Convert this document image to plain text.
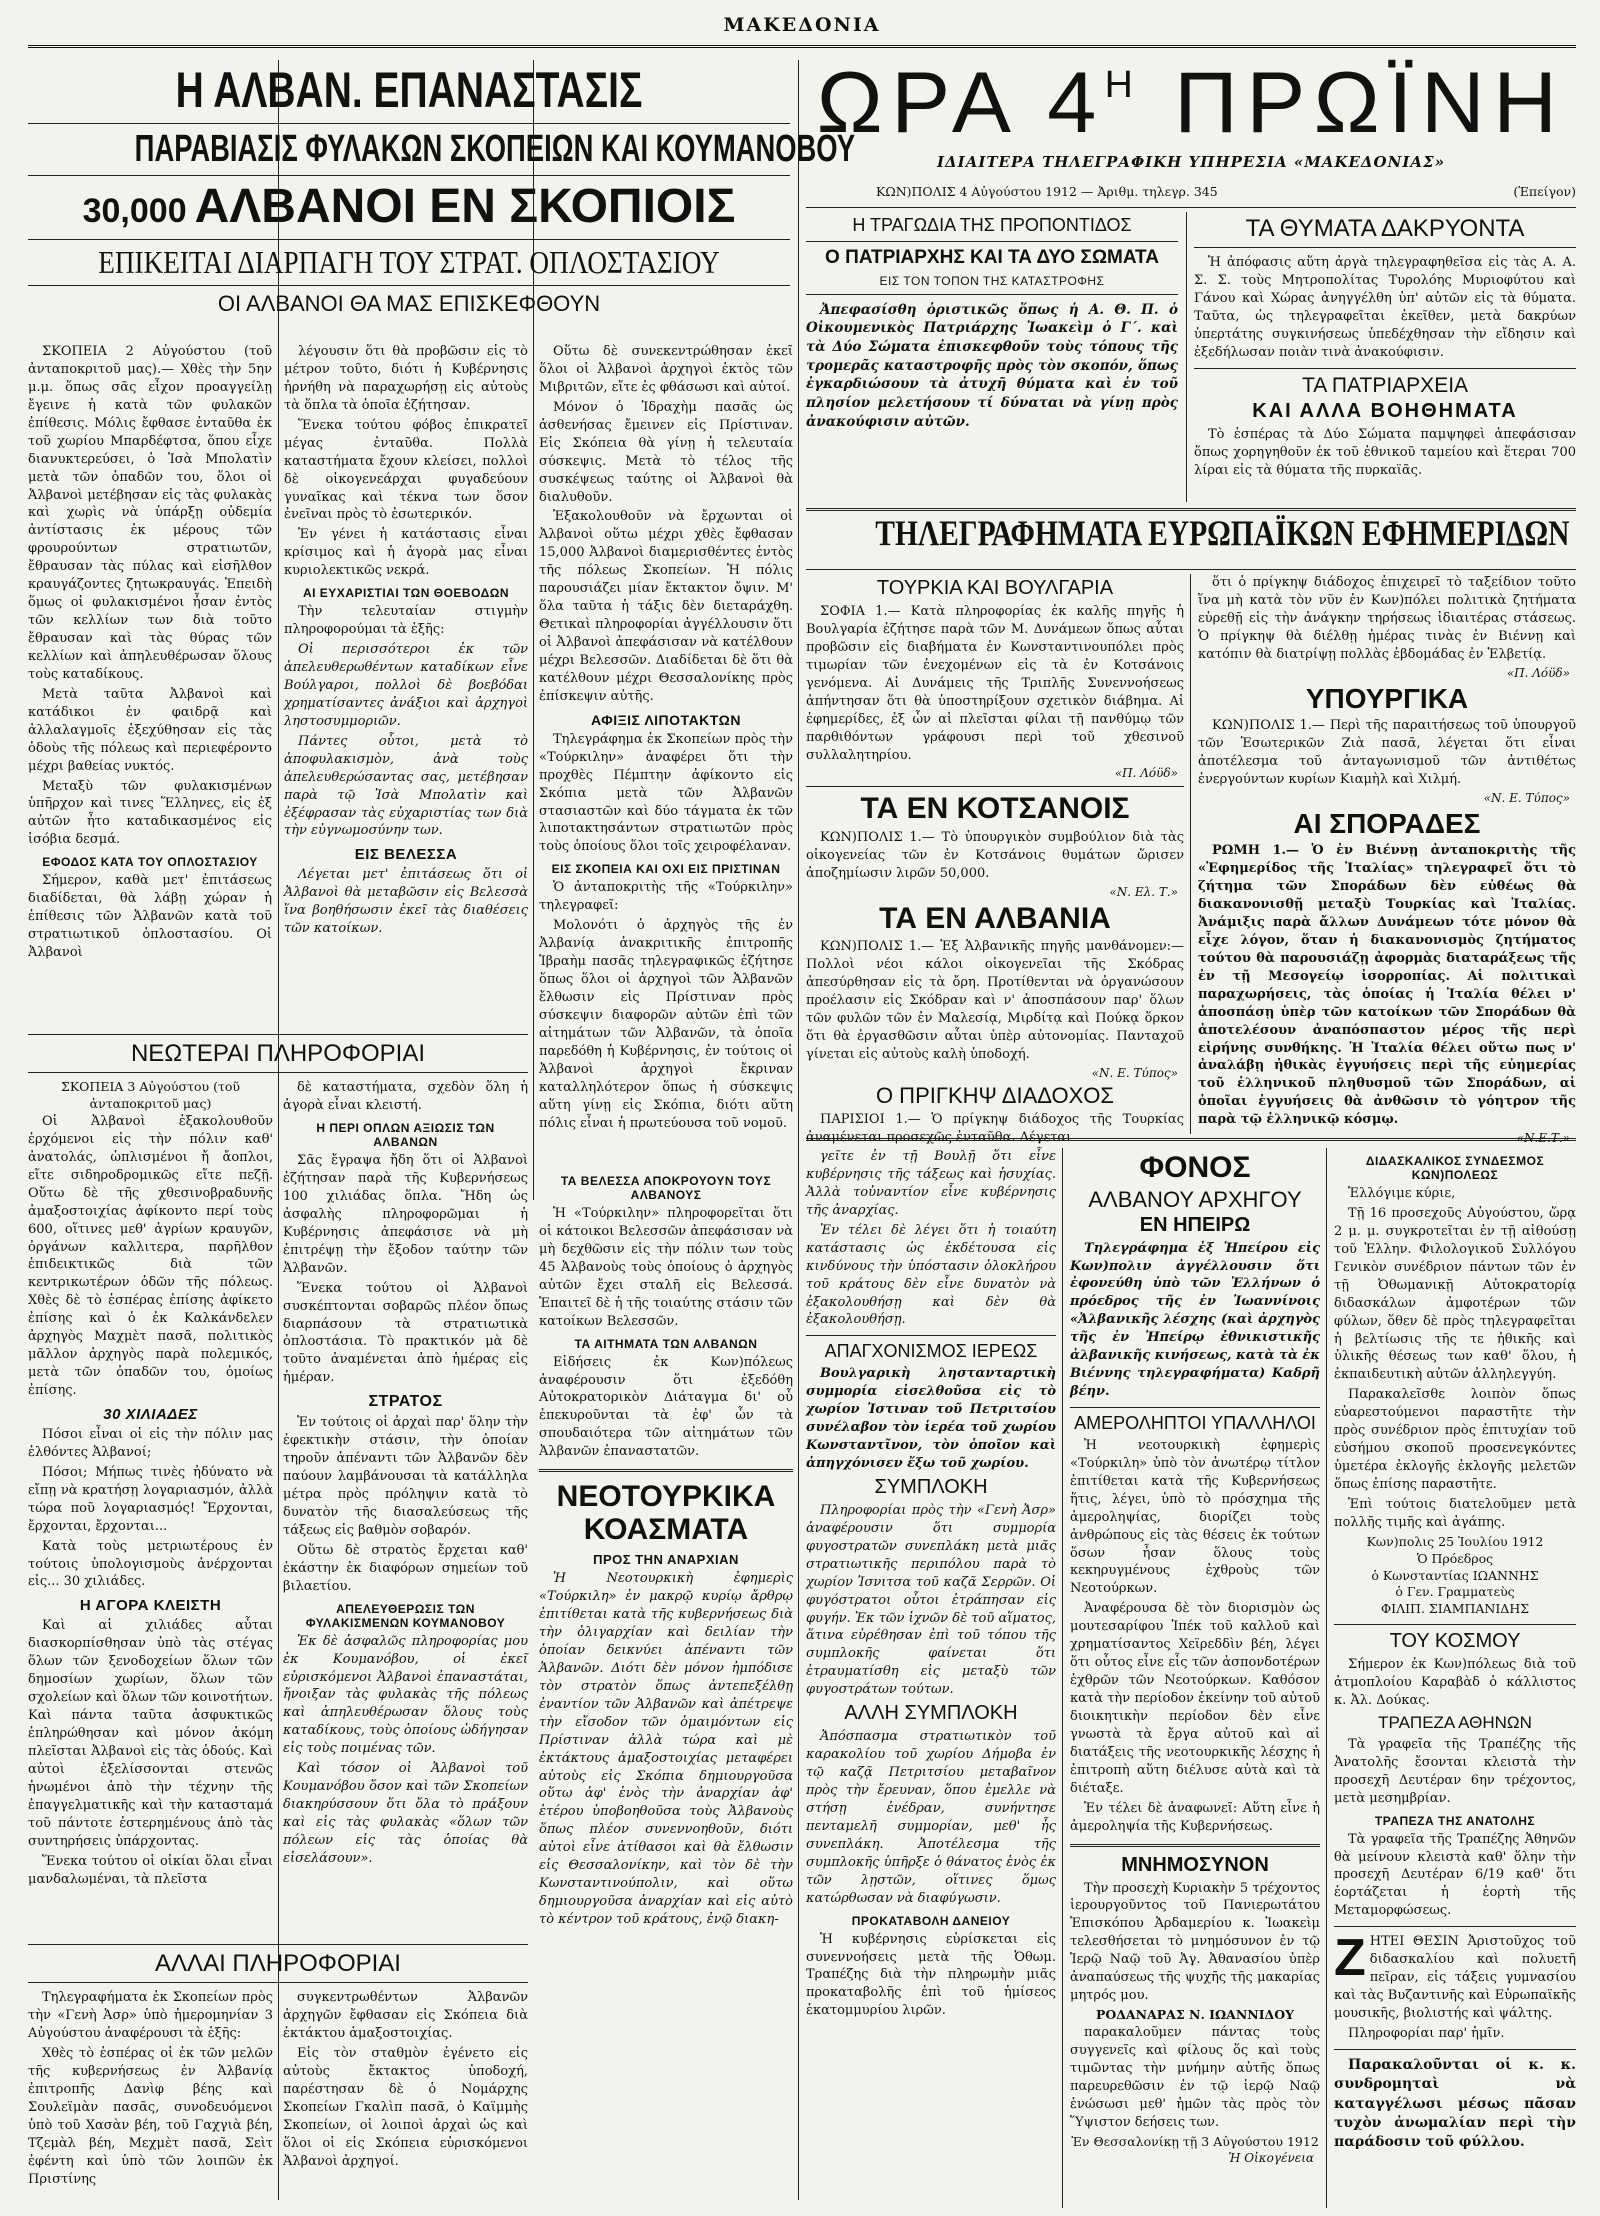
ΜΑΚΕΔΟΝΙΑ
Η ΑΛΒΑΝ. ΕΠΑΝΑΣΤΑΣΙΣ
ΠΑΡΑΒΙΑΣΙΣ ΦΥΛΑΚΩΝ ΣΚΟΠΕΙΩΝ ΚΑΙ ΚΟΥΜΑΝΟΒΟΥ
30,000 ΑΛΒΑΝΟΙ ΕΝ ΣΚΟΠΙΟΙΣ
ΕΠΙΚΕΙΤΑΙ ΔΙΑΡΠΑΓΗ ΤΟΥ ΣΤΡΑΤ. ΟΠΛΟΣΤΑΣΙΟΥ
ΟΙ ΑΛΒΑΝΟΙ ΘΑ ΜΑΣ ΕΠΙΣΚΕΦΘΟΥΝ

ΣΚΟΠΕΙΑ 2 Αὐγούστου (τοῦ ἀνταποκριτοῦ μας).— Χθὲς τὴν 5ην μ.μ. ὅπως σᾶς εἶχον προαγγείλῃ ἔγεινε ἡ κατὰ τῶν φυλακῶν ἐπίθεσις. Μόλις ἔφθασε ἐνταῦθα ἐκ τοῦ χωρίου Μπαρδέφτσα, ὅπου εἶχε διανυκτερεύσει, ὁ Ἰσὰ Μπολατὶν μετὰ τῶν ὀπαδῶν του, ὅλοι οἱ Ἀλβανοὶ μετέβησαν εἰς τὰς φυλακὰς καὶ χωρὶς νὰ ὑπάρξῃ οὐδεμία ἀντίστασις ἐκ μέρους τῶν φρουρούντων στρατιωτῶν, ἔθραυσαν τὰς πύλας καὶ εἰσῆλθον κραυγάζοντες ζητωκραυγάς. Ἐπειδὴ ὅμως οἱ φυλακισμένοι ἦσαν ἐντὸς τῶν κελλίων των διὰ τοῦτο ἔθραυσαν καὶ τὰς θύρας τῶν κελλίων καὶ ἀπηλευθέρωσαν ὅλους τοὺς καταδίκους.

Μετὰ ταῦτα Ἀλβανοὶ καὶ κατάδικοι ἐν φαιδρᾷ καὶ ἀλλαλαγμοῖς ἐξεχύθησαν εἰς τὰς ὁδοὺς τῆς πόλεως καὶ περιεφέροντο μέχρι βαθείας νυκτός.

Μεταξὺ τῶν φυλακισμένων ὑπῆρχον καὶ τινες Ἕλληνες, εἰς ἐξ αὐτῶν ἦτο καταδικασμένος εἰς ἰσόβια δεσμά.

ΕΦΟΔΟΣ ΚΑΤΑ ΤΟΥ ΟΠΛΟΣΤΑΣΙΟΥ

Σήμερον, καθὰ μετ' ἐπιτάσεως διαδίδεται, θὰ λάβῃ χώραν ἡ ἐπίθεσις τῶν Ἀλβανῶν κατὰ τοῦ στρατιωτικοῦ ὁπλοστασίου. Οἱ Ἀλβανοὶ

λέγουσιν ὅτι θὰ προβῶσιν εἰς τὸ μέτρον τοῦτο, διότι ἡ Κυβέρνησις ἠρνήθη νὰ παραχωρήσῃ εἰς αὐτοὺς τὰ ὅπλα τὰ ὁποῖα ἐζήτησαν.

Ἕνεκα τούτου φόβος ἐπικρατεῖ μέγας ἐνταῦθα. Πολλὰ καταστήματα ἔχουν κλείσει, πολλοὶ δὲ οἰκογενεάρχαι φυγαδεύουν γυναῖκας καὶ τέκνα των ὅσον ἐνεῖναι πρὸς τὸ ἐσωτερικόν.

Ἐν γένει ἡ κατάστασις εἶναι κρίσιμος καὶ ἡ ἀγορὰ μας εἶναι κυριολεκτικῶς νεκρά.

ΑΙ ΕΥΧΑΡΙΣΤΙΑΙ ΤΩΝ ΘΟΕΒΟΔΩΝ

Τὴν τελευταίαν στιγμὴν πληροφορούμαι τὰ ἑξῆς:

Οἱ περισσότεροι ἐκ τῶν ἀπελευθερωθέντων καταδίκων εἶνε Βούλγαροι, πολλοὶ δὲ βοεβόδαι χρηματίσαντες ἀνάξιοι καὶ ἀρχηγοὶ ληστοσυμμοριῶν.

Πάντες οὗτοι, μετὰ τὸ ἀποφυλακισμὸν, ἀνὰ τοὺς ἀπελευθερώσαντας σας, μετέβησαν παρὰ τῷ Ἰσὰ Μπολατὶν καὶ ἐξέφρασαν τὰς εὐχαριστίας των διὰ τὴν εὐγνωμοσύνην των.

ΕΙΣ ΒΕΛΕΣΣΑ

Λέγεται μετ' ἐπιτάσεως ὅτι οἱ Ἀλβανοὶ θὰ μεταβῶσιν εἰς Βελεσσὰ ἵνα βοηθήσωσιν ἐκεῖ τὰς διαθέσεις τῶν κατοίκων.

Οὕτω δὲ συνεκεντρώθησαν ἐκεῖ ὅλοι οἱ Ἀλβανοὶ ἀρχηγοὶ ἐκτὸς τῶν Μιβριτῶν, εἴτε ἐς φθάσωσι καὶ αὐτοί.

Μόνον ὁ Ἰδραχὴμ πασᾶς ὡς ἀσθενήσας ἔμεινεν εἰς Πρίστιναν. Εἰς Σκόπεια θὰ γίνῃ ἡ τελευταία σύσκεψις. Μετὰ τὸ τέλος τῆς συσκέψεως ταύτης οἱ Ἀλβανοὶ θὰ διαλυθοῦν.

Ἐξακολουθοῦν νὰ ἔρχωνται οἱ Ἀλβανοὶ οὕτω μέχρι χθὲς ἔφθασαν 15,000 Ἀλβανοὶ διαμερισθέντες ἐντὸς τῆς πόλεως Σκοπείων. Ἡ πόλις παρουσιάζει μίαν ἔκτακτον ὄψιν. Μ' ὅλα ταῦτα ἡ τάξις δὲν διεταράχθη. Θετικαὶ πληροφορίαι ἀγγέλλουσιν ὅτι οἱ Ἀλβανοὶ ἀπεφάσισαν νὰ κατέλθουν μέχρι Βελεσσῶν. Διαδίδεται δὲ ὅτι θὰ κατέλθουν μέχρι Θεσσαλονίκης πρὸς ἐπίσκεψιν αὐτῆς.

ΑΦΙΞΙΣ ΛΙΠΟΤΑΚΤΩΝ

Τηλεγράφημα ἐκ Σκοπείων πρὸς τὴν «Τούρκιλην» ἀναφέρει ὅτι τὴν προχθὲς Πέμπτην ἀφίκοντο εἰς Σκόπια μετὰ τῶν Ἀλβανῶν στασιαστῶν καὶ δύο τάγματα ἐκ τῶν λιποτακτησάντων στρατιωτῶν πρὸς τοὺς ὁποίους ὅλοι τοῖς χειροφέλαναν.

ΕΙΣ ΣΚΟΠΕΙΑ ΚΑΙ ΟΧΙ ΕΙΣ ΠΡΙΣΤΙΝΑΝ

Ὁ ἀνταποκριτὴς τῆς «Τούρκιλην» τηλεγραφεῖ:

Μολονότι ὁ ἀρχηγὸς τῆς ἐν Ἀλβανίᾳ ἀνακριτικῆς ἐπιτροπῆς Ἰβραὴμ πασᾶς τηλεγραφικῶς ἐζήτησε ὅπως ὅλοι οἱ ἀρχηγοὶ τῶν Ἀλβανῶν ἔλθωσιν εἰς Πρίστιναν πρὸς σύσκεψιν διαφορῶν αὐτῶν ἐπὶ τῶν αἰτημάτων τῶν Ἀλβανῶν, τὰ ὁποῖα παρεδόθη ἡ Κυβέρνησις, ἐν τούτοις οἱ Ἀλβανοὶ ἀρχηγοὶ ἔκριναν καταλληλότερον ὅπως ἡ σύσκεψις αὕτη γίνῃ εἰς Σκόπια, διότι αὕτη πόλις εἶναι ἡ πρωτεύουσα τοῦ νομοῦ.

ΝΕΩΤΕΡΑΙ ΠΛΗΡΟΦΟΡΙΑΙ

ΣΚΟΠΕΙΑ 3 Αὐγούστου (τοῦ ἀνταποκριτοῦ μας)

Οἱ Ἀλβανοὶ ἐξακολουθοῦν ἐρχόμενοι εἰς τὴν πόλιν καθ' ἀνατολάς, ὡπλισμένοι ἤ ἄοπλοι, εἴτε σιδηροδρομικῶς εἴτε πεζῇ. Οὕτω δὲ τῆς χθεσινοβραδυνῆς ἀμαξοστοιχίας ἀφίκοντο περί τοὺς 600, οἵτινες μεθ' ἀγρίων κραυγῶν, ὀργάνων καλλιτερα, παρῆλθον ἐπιδεικτικῶς διὰ τῶν κεντρικωτέρων ὁδῶν τῆς πόλεως. Χθὲς δὲ τὸ ἑσπέρας ἐπίσης ἀφίκετο ἐπίσης καὶ ὁ ἐκ Καλκάνδελεν ἀρχηγὸς Μαχμὲτ πασᾶ, πολιτικὸς μᾶλλον ἀρχηγὸς παρὰ πολεμικός, μετὰ τῶν ὀπαδῶν του, ὁμοίως ἐπίσης.

30 ΧΙΛΙΑΔΕΣ

Πόσοι εἶναι οἱ εἰς τὴν πόλιν μας ἐλθόντες Ἀλβανοί;

Πόσοι; Μήπως τινὲς ἠδύνατο νὰ εἴπῃ νὰ κρατήσῃ λογαριασμόν, ἀλλὰ τώρα ποῦ λογαριασμός! Ἔρχονται, ἔρχονται, ἔρχονται...

Κατὰ τοὺς μετριωτέρους ἐν τούτοις ὑπολογισμοὺς ἀνέρχονται εἰς... 30 χιλιάδες.

Η ΑΓΟΡΑ ΚΛΕΙΣΤΗ

Καὶ αἱ χιλιάδες αὗται διασκορπίσθησαν ὑπὸ τὰς στέγας ὅλων τῶν ξενοδοχείων ὅλων τῶν δημοσίων χωρίων, ὅλων τῶν σχολείων καὶ ὅλων τῶν κοινοτήτων. Καὶ πάντα ταῦτα ἀσφυκτικῶς ἐπληρώθησαν καὶ μόνον ἀκόμη πλεῖσται Ἀλβανοὶ εἰς τὰς ὁδούς. Καὶ αὐτοὶ ἐξελίσσονται στενῶς ἡνωμένοι ἀπὸ τὴν τέχνην τῆς ἐπαγγελματικῆς καὶ τὴν κατασταμά τοῦ πάντοτε ἐστερημένους ἀπὸ τὰς συντηρήσεις ὑπάρχοντας.

Ἕνεκα τούτου οἱ οἰκίαι ὅλαι εἶναι μανδαλωμέναι, τὰ πλεῖστα

δὲ καταστήματα, σχεδὸν ὅλη ἡ ἀγορὰ εἶναι κλειστή.

Η ΠΕΡΙ ΟΠΛΩΝ ΑΞΙΩΣΙΣ ΤΩΝ ΑΛΒΑΝΩΝ

Σᾶς ἔγραψα ἤδη ὅτι οἱ Ἀλβανοὶ ἐζήτησαν παρὰ τῆς Κυβερνήσεως 100 χιλιάδας ὅπλα. Ἤδη ὡς ἀσφαλὴς πληροφορῶμαι ἡ Κυβέρνησις ἀπεφάσισε νὰ μὴ ἐπιτρέψῃ τὴν ἔξοδον ταύτην τῶν Ἀλβανῶν.

Ἕνεκα τούτου οἱ Ἀλβανοὶ συσκέπτονται σοβαρῶς πλέον ὅπως διαρπάσουν τὰ στρατιωτικὰ ὁπλοστάσια. Τὸ πρακτικόν μὰ δὲ τοῦτο ἀναμένεται ἀπὸ ἡμέρας εἰς ἡμέραν.

ΣΤΡΑΤΟΣ

Ἐν τούτοις οἱ ἀρχαὶ παρ' ὅλην τὴν ἐφεκτικὴν στάσιν, τὴν ὁποίαν τηροῦν ἀπέναντι τῶν Ἀλβανῶν δὲν παύουν λαμβάνουσαι τὰ κατάλληλα μέτρα πρὸς πρόληψιν κατὰ τὸ δυνατὸν τῆς διασαλεύσεως τῆς τάξεως εἰς βαθμὸν σοβαρόν.

Οὕτω δὲ στρατὸς ἔρχεται καθ' ἑκάστην ἐκ διαφόρων σημείων τοῦ βιλαετίου.

ΑΠΕΛΕΥΘΕΡΩΣΙΣ ΤΩΝ ΦΥΛΑΚΙΣΜΕΝΩΝ ΚΟΥΜΑΝΟΒΟΥ

Ἐκ δὲ ἀσφαλῶς πληροφορίας μου ἐκ Κουμανόβου, οἱ ἐκεῖ εὑρισκόμενοι Ἀλβανοὶ ἐπαναστάται, ἤνοιξαν τὰς φυλακὰς τῆς πόλεως καὶ ἀπηλευθέρωσαν ὅλους τοὺς καταδίκους, τοὺς ὁποίους ὡδήγησαν εἰς τοὺς ποιμένας τῶν.

Καὶ τόσον οἱ Ἀλβανοὶ τοῦ Κουμανόβου ὅσον καὶ τῶν Σκοπείων διακηρύσσουν ὅτι ὅλα τὸ πράξουν καὶ εἰς τὰς φυλακὰς «ὅλων τῶν πόλεων εἰς τὰς ὁποίας θὰ εἰσελάσουν».

ΑΛΛΑΙ ΠΛΗΡΟΦΟΡΙΑΙ

Τηλεγραφήματα ἐκ Σκοπείων πρὸς τὴν «Γενὴ Ἀσρ» ὑπὸ ἡμερομηνίαν 3 Αὐγούστου ἀναφέρουσι τὰ ἑξῆς:

Χθὲς τὸ ἑσπέρας οἱ ἐκ τῶν μελῶν τῆς κυβερνήσεως ἐν Ἀλβανίᾳ ἐπιτροπῆς Δανὶφ βέης καὶ Σουλεϊμὰν πασᾶς, συνοδευόμενοι ὑπὸ τοῦ Χασὰν βέη, τοῦ Γαχγιὰ βέη, Τζεμὰλ βέη, Μεχμὲτ πασᾶ, Σεὶτ ἐφέντη καὶ ὑπὸ τῶν λοιπῶν ἐκ Πριστίνης

συγκεντρωθέντων Ἀλβανῶν ἀρχηγῶν ἔφθασαν εἰς Σκόπεια διὰ ἐκτάκτου ἁμαξοστοιχίας.

Εἰς τὸν σταθμὸν ἐγένετο εἰς αὐτοὺς ἔκτακτος ὑποδοχή, παρέστησαν δὲ ὁ Νομάρχης Σκοπείων Γκαλὶπ πασᾶ, ὁ Καϊμμὴς Σκοπείων, οἱ λοιποὶ ἀρχαὶ ὡς καὶ ὅλοι οἱ εἰς Σκόπεια εὑρισκόμενοι Ἀλβανοὶ ἀρχηγοί.

ΤΑ ΒΕΛΕΣΣΑ ΑΠΟΚΡΟΥΟΥΝ ΤΟΥΣ ΑΛΒΑΝΟΥΣ

Ἡ «Τούρκιλην» πληροφορεῖται ὅτι οἱ κάτοικοι Βελεσσῶν ἀπεφάσισαν νὰ μὴ δεχθῶσιν εἰς τὴν πόλιν των τοὺς 45 Ἀλβανοὺς τοὺς ὁποίους ὁ ἀρχηγὸς αὐτῶν ἔχει σταλῆ εἰς Βελεσσά. Ἐπαιτεῖ δὲ ἡ τῆς τοιαύτης στάσιν τῶν κατοίκων Βελεσσῶν.

ΤΑ ΑΙΤΗΜΑΤΑ ΤΩΝ ΑΛΒΑΝΩΝ

Εἰδήσεις ἐκ Κων)πόλεως ἀναφέρουσιν ὅτι ἐξεδόθη Αὐτοκρατορικὸν Διάταγμα δι' οὗ ἐπεκυροῦνται τὰ ἐφ' ὧν τὰ σπουδαιότερα τῶν αἰτημάτων τῶν Ἀλβανῶν ἐπαναστατῶν.

ΝΕΟΤΟΥΡΚΙΚΑ ΚΟΑΣΜΑΤΑ
ΠΡΟΣ ΤΗΝ ΑΝΑΡΧΙΑΝ

Ἡ Νεοτουρκικὴ ἐφημερὶς «Τούρκιλη» ἐν μακρῷ κυρίῳ ἄρθρῳ ἐπιτίθεται κατὰ τῆς κυβερνήσεως διὰ τὴν ὀλιγαρχίαν καὶ δειλίαν τὴν ὁποίαν δεικνύει ἀπέναντι τῶν Ἀλβανῶν. Διότι δὲν μόνον ἠμπόδισε τὸν στρατὸν ὅπως ἀντεπεξέλθῃ ἐναντίον τῶν Ἀλβανῶν καὶ ἀπέτρεψε τὴν εἴσοδον τῶν ὁμαιμόντων εἰς Πρίστιναν ἀλλὰ τώρα καὶ μὲ ἐκτάκτους ἁμαξοστοιχίας μεταφέρει αὐτοὺς εἰς Σκόπια δημιουργοῦσα οὕτω ἀφ' ἑνὸς τὴν ἀναρχίαν ἀφ' ἑτέρου ὑποβοηθοῦσα τοὺς Ἀλβανοὺς ὅπως πλέον συνεννοηθοῦν, διότι αὐτοὶ εἶνε ἀτίθασοι καὶ θὰ ἔλθωσιν εἰς Θεσσαλονίκην, καὶ τὸν δὲ τὴν Κωνσταντινούπολιν, καὶ οὕτω δημιουργοῦσα ἀναρχίαν καὶ εἰς αὐτὸ τὸ κέντρον τοῦ κράτους, ἐνῷ διακη-

ΩΡΑ $4^H$ ΠΡΩΪΝΗ
ΙΔΙΑΙΤΕΡΑ ΤΗΛΕΓΡΑΦΙΚΗ ΥΠΗΡΕΣΙΑ «ΜΑΚΕΔΟΝΙΑΣ»
ΚΩΝ)ΠΟΛΙΣ 4 Αὐγούστου 1912 — Ἀριθμ. τηλεγρ. 345	(Ἐπείγον)
Η ΤΡΑΓΩΔΙΑ ΤΗΣ ΠΡΟΠΟΝΤΙΔΟΣ
Ο ΠΑΤΡΙΑΡΧΗΣ ΚΑΙ ΤΑ ΔΥΟ ΣΩΜΑΤΑ
ΕΙΣ ΤΟΝ ΤΟΠΟΝ ΤΗΣ ΚΑΤΑΣΤΡΟΦΗΣ

Ἀπεφασίσθη ὁριστικῶς ὅπως ἡ Α. Θ. Π. ὁ Οἰκουμενικὸς Πατριάρχης Ἰωακεὶμ ὁ Γ΄. καὶ τὰ Δύο Σώματα ἐπισκεφθοῦν τοὺς τόπους τῆς τρομερᾶς καταστροφῆς πρὸς τὸν σκοπόν, ὅπως ἐγκαρδιώσουν τὰ ἀτυχῆ θύματα καὶ ἐν τοῦ πλησίον μελετήσουν τί δύναται νὰ γίνῃ πρὸς ἀνακούφισιν αὐτῶν.

ΤΑ ΘΥΜΑΤΑ ΔΑΚΡΥΟΝΤΑ

Ἡ ἀπόφασις αὕτη ἀργὰ τηλεγραφηθεῖσα εἰς τὰς Α. Α. Σ. Σ. τοὺς Μητροπολίτας Τυρολόης Μυριοφύτου καὶ Γάνου καὶ Χώρας ἀνηγγέλθη ὑπ' αὐτῶν εἰς τὰ θύματα. Ταῦτα, ὡς τηλεγραφεῖται ἐκεῖθεν, μετὰ δακρύων ὑπερτάτης συγκινήσεως ὑπεδέχθησαν τὴν εἴδησιν καὶ ἐξεδήλωσαν ποιὰν τινὰ ἀνακούφισιν.

ΤΑ ΠΑΤΡΙΑΡΧΕΙΑ
ΚΑΙ ΑΛΛΑ ΒΟΗΘΗΜΑΤΑ

Τὸ ἑσπέρας τὰ Δύο Σώματα παμψηφεὶ ἀπεφάσισαν ὅπως χορηγηθοῦν ἐκ τοῦ ἐθνικοῦ ταμείου καὶ ἕτεραι 700 λίραι εἰς τὰ θύματα τῆς πυρκαϊᾶς.

ΤΗΛΕΓΡΑΦΗΜΑΤΑ ΕΥΡΩΠΑΪΚΩΝ ΕΦΗΜΕΡΙΔΩΝ
ΤΟΥΡΚΙΑ ΚΑΙ ΒΟΥΛΓΑΡΙΑ

ΣΟΦΙΑ 1.— Κατὰ πληροφορίας ἐκ καλῆς πηγῆς ἡ Βουλγαρία ἐζήτησε παρὰ τῶν Μ. Δυνάμεων ὅπως αὗται προβῶσιν εἰς διαβήματα ἐν Κωνσταντινουπόλει πρὸς τιμωρίαν τῶν ἐνεχομένων εἰς τὰ ἐν Κοτσάνοις γενόμενα. Αἱ Δυνάμεις τῆς Τριπλῆς Συνεννοήσεως ἀπήντησαν ὅτι θὰ ὑποστηρίξουν σχετικὸν διάβημα. Αἱ ἐφημερίδες, ἐξ ὧν αἱ πλεῖσται φίλαι τῇ πανθύμῳ τῶν παρθιθόντων γράφουσι περὶ τοῦ χθεσινοῦ συλλαλητηρίου.

«Π. Λόϋδ»
ΤΑ ΕΝ ΚΟΤΣΑΝΟΙΣ

ΚΩΝ)ΠΟΛΙΣ 1.— Τὸ ὑπουργικὸν συμβούλιον διὰ τὰς οἰκογενείας τῶν ἐν Κοτσάνοις θυμάτων ὥρισεν ἀποζημίωσιν λιρῶν 50,000.

«Ν. Ελ. Τ.»
ΤΑ ΕΝ ΑΛΒΑΝΙΑ

ΚΩΝ)ΠΟΛΙΣ 1.— Ἐξ Ἀλβανικῆς πηγῆς μανθάνομεν:— Πολλοὶ νέοι κάλοι οἰκογενεῖαι τῆς Σκόδρας ἀπεσύρθησαν εἰς τὰ ὄρη. Προτίθενται νὰ ὀργανώσουν προέλασιν εἰς Σκόδραν καὶ ν' ἀποσπάσουν παρ' ὅλων τῶν φυλῶν τῶν ἐν Μαλεσίᾳ, Μιρδίτᾳ καὶ Πούκᾳ ὅρκον ὅτι θὰ ἐργασθῶσιν αὗται ὑπὲρ αὐτονομίας. Πανταχοῦ γίνεται εἰς αὐτοὺς καλὴ ὑποδοχή.

«Ν. Ε. Τύπος»
Ο ΠΡΙΓΚΗΨ ΔΙΑΔΟΧΟΣ

ΠΑΡΙΣΙΟΙ 1.— Ὁ πρίγκηψ διάδοχος τῆς Τουρκίας ἀναμένεται προσεχῶς ἐνταῦθα. Λέγεται

ὅτι ὁ πρίγκηψ διάδοχος ἐπιχειρεῖ τὸ ταξείδιον τοῦτο ἵνα μὴ κατὰ τὸν νῦν ἐν Κων)πόλει πολιτικὰ ζητήματα εὑρεθῇ εἰς τὴν ἀνάγκην τηρήσεως ἰδιαιτέρας στάσεως. Ὁ πρίγκηψ θὰ διέλθῃ ἡμέρας τινὰς ἐν Βιέννῃ καὶ κατόπιν θὰ διατρίψῃ πολλὰς ἑβδομάδας ἐν Ἑλβετίᾳ.

«Π. Λόϋδ»
ΥΠΟΥΡΓΙΚΑ

ΚΩΝ)ΠΟΛΙΣ 1.— Περὶ τῆς παραιτήσεως τοῦ ὑπουργοῦ τῶν Ἐσωτερικῶν Ζιὰ πασᾶ, λέγεται ὅτι εἶναι ἀποτέλεσμα τοῦ ἀνταγωνισμοῦ τῶν ἀντιθέτως ἐνεργούντων κυρίων Κιαμὴλ καὶ Χιλμή.

«Ν. Ε. Τύπος»
ΑΙ ΣΠΟΡΑΔΕΣ

ΡΩΜΗ 1.— Ὁ ἐν Βιέννῃ ἀνταποκριτὴς τῆς «Ἐφημερίδος τῆς Ἰταλίας» τηλεγραφεῖ ὅτι τὸ ζήτημα τῶν Σποράδων δὲν εὐθέως θὰ διακανονισθῇ μεταξὺ Τουρκίας καὶ Ἰταλίας. Ἀνάμιξις παρὰ ἄλλων Δυνάμεων τότε μόνον θὰ εἶχε λόγον, ὅταν ἡ διακανονισμὸς ζητήματος τούτου θὰ παρουσιάζῃ ἀφορμὰς διαταράξεως τῆς ἐν τῇ Μεσογείῳ ἰσορροπίας. Αἱ πολιτικαὶ παραχωρήσεις, τὰς ὁποίας ἡ Ἰταλία θέλει ν' ἀποσπάσῃ ὑπὲρ τῶν κατοίκων τῶν Σποράδων θὰ ἀποτελέσουν ἀναπόσπαστον μέρος τῆς περὶ εἰρήνης συνθήκης. Ἡ Ἰταλία θέλει οὕτω πως ν' ἀναλάβῃ ἠθικὰς ἐγγυήσεις περὶ τῆς εὐημερίας τοῦ ἑλληνικοῦ πληθυσμοῦ τῶν Σποράδων, αἱ ὁποῖαι ἐγγυήσεις θὰ ἀνθῶσιν τὸ γόητρον τῆς παρὰ τῷ ἑλληνικῷ κόσμῳ.

«Ν.Ε.Τ.»

γεῖτε ἐν τῇ Βουλῇ ὅτι εἶνε κυβέρνησις τῆς τάξεως καὶ ἡσυχίας. Ἀλλὰ τοὐναντίον εἶνε κυβέρνησις τῆς ἀναρχίας.

Ἐν τέλει δὲ λέγει ὅτι ἡ τοιαύτη κατάστασις ὡς ἐκδέτουσα εἰς κινδύνους τὴν ὑπόστασιν ὁλοκλήρου τοῦ κράτους δὲν εἶνε δυνατὸν νὰ ἐξακολουθήσῃ καὶ δὲν θὰ ἐξακολουθήσῃ.

ΑΠΑΓΧΟΝΙΣΜΟΣ ΙΕΡΕΩΣ

Βουλγαρικὴ ληστανταρτικὴ συμμορία εἰσελθοῦσα εἰς τὸ χωρίον Ἰστιναν τοῦ Πετριτσίου συνέλαβον τὸν ἱερέα τοῦ χωρίου Κωνσταντῖνον, τὸν ὁποῖον καὶ ἀπηγχόνισεν ἔξω τοῦ χωρίου.

ΣΥΜΠΛΟΚΗ

Πληροφορίαι πρὸς τὴν «Γενὴ Ἀσρ» ἀναφέρουσιν ὅτι συμμορία φυγοστρατῶν συνεπλάκη μετὰ μιᾶς στρατιωτικῆς περιπόλου παρὰ τὸ χωρίον Ἰσνιτσα τοῦ καζᾶ Σερρῶν. Οἱ φυγόστρατοι οὗτοι ἐτράπησαν εἰς φυγήν. Ἐκ τῶν ἰχνῶν δὲ τοῦ αἵματος, ἅτινα εὑρέθησαν ἐπὶ τοῦ τόπου τῆς συμπλοκῆς φαίνεται ὅτι ἐτραυματίσθη εἰς μεταξὺ τῶν φυγοστράτων τούτων.

ΑΛΛΗ ΣΥΜΠΛΟΚΗ

Ἀπόσπασμα στρατιωτικὸν τοῦ καρακολίου τοῦ χωρίου Δήμοβα ἐν τῷ καζᾷ Πετριτσίου μεταβαῖνον πρὸς τὴν ἔρευναν, ὅπου ἐμελλε νὰ στήσῃ ἐνέδραν, συνήντησε πενταμελῆ συμμορίαν, μεθ' ἧς συνεπλάκη. Ἀποτέλεσμα τῆς συμπλοκῆς ὑπῆρξε ὁ θάνατος ἑνὸς ἐκ τῶν λῃστῶν, οἵτινες ὅμως κατώρθωσαν νὰ διαφύγωσιν.

ΠΡΟΚΑΤΑΒΟΛΗ ΔΑΝΕΙΟΥ

Ἡ κυβέρνησις εὑρίσκεται εἰς συνεννοήσεις μετὰ τῆς Ὀθωμ. Τραπέζης διὰ τὴν πληρωμὴν μιᾶς προκαταβολῆς ἐπὶ τοῦ ἡμίσεος ἑκατομμυρίου λιρῶν.

ΦΟΝΟΣ
ΑΛΒΑΝΟΥ ΑΡΧΗΓΟΥ
ΕΝ ΗΠΕΙΡΩ

Τηλεγράφημα ἐξ Ἠπείρου εἰς Κων)πολιν ἀγγέλλουσιν ὅτι ἐφονεύθη ὑπὸ τῶν Ἑλλήνων ὁ πρόεδρος τῆς ἐν Ἰωαννίνοις «Ἀλβανικῆς λέσχης (καὶ ἀρχηγὸς τῆς ἐν Ἠπείρῳ ἐθνικιστικῆς ἀλβανικῆς κινήσεως, κατὰ τὰ ἐκ Βιέννης τηλεγραφήματα) Καδρῆ βέην.

ΑΜΕΡΟΛΗΠΤΟΙ ΥΠΑΛΛΗΛΟΙ

Ἡ νεοτουρκικὴ ἐφημερὶς «Τούρκιλη» ὑπὸ τὸν ἀνωτέρῳ τίτλον ἐπιτίθεται κατὰ τῆς Κυβερνήσεως ἥτις, λέγει, ὑπὸ τὸ πρόσχημα τῆς ἀμεροληψίας, διορίζει τοὺς ἀνθρώπους εἰς τὰς θέσεις ἐκ τούτων ὅσων ἦσαν ὅλους τοὺς κεκηρυγμένους ἐχθροὺς τῶν Νεοτούρκων.

Ἀναφέρουσα δὲ τὸν διορισμὸν ὡς μουτεσαρίφου Ἰπέκ τοῦ καλλοῦ καὶ χρηματίσαντος Χεϊρεδδὶν βέη, λέγει ὅτι οὗτος εἶνε εἷς τῶν ἀσπονδοτέρων ἐχθρῶν τῶν Νεοτούρκων. Καθόσον κατὰ τὴν περίοδον ἐκείνην τοῦ αὐτοῦ διοικητικὴν περίοδον δὲν εἶνε γνωστὰ τὰ ἔργα αὐτοῦ καὶ αἱ διατάξεις τῆς νεοτουρκικῆς λέσχης ἡ ἐπιτροπὴ αὕτη διέλυσε αὐτὰ καὶ τὰ διέταξε.

Ἐν τέλει δὲ ἀναφωνεῖ: Αὕτη εἶνε ἡ ἀμεροληψία τῆς Κυβερνήσεως.

ΜΝΗΜΟΣΥΝΟΝ

Τὴν προσεχὴ Κυριακὴν 5 τρέχοντος ἱερουργοῦντος τοῦ Πανιερωτάτου Ἐπισκόπου Ἀρδαμερίου κ. Ἰωακεὶμ τελεσθήσεται τὸ μνημόσυνον ἐν τῷ Ἱερῷ Ναῷ τοῦ Ἀγ. Ἀθανασίου ὑπὲρ ἀναπαύσεως τῆς ψυχῆς τῆς μακαρίας μητρός μου.

ΡΟΔΑΝΑΡΑΣ Ν. ΙΩΑΝΝΙΔΟΥ

παρακαλοῦμεν πάντας τοὺς συγγενεῖς καὶ φίλους ὅς καὶ τοὺς τιμῶντας τὴν μνήμην αὐτῆς ὅπως παρευρεθῶσιν ἐν τῷ ἱερῷ Ναῷ ἑνώσωσι μεθ' ἡμῶν τὰς πρὸς τὸν Ὕψιστον δεήσεις των.

Ἐν Θεσσαλονίκῃ τῇ 3 Αὐγούστου 1912
Ἡ Οἰκογένεια
ΔΙΔΑΣΚΑΛΙΚΟΣ ΣΥΝΔΕΣΜΟΣ ΚΩΝ)ΠΟΛΕΩΣ

Ἐλλόγιμε κύριε,

Τῇ 16 προσεχοῦς Αὐγούστου, ὥρᾳ 2 μ. μ. συγκροτεῖται ἐν τῇ αἰθούσῃ τοῦ Ἑλλην. Φιλολογικοῦ Συλλόγου Γενικὸν συνέδριον πάντων τῶν ἐν τῇ Ὀθωμανικῇ Αὐτοκρατορίᾳ διδασκάλων ἀμφοτέρων τῶν φύλων, ὅθεν δὲ πρὸς τηλεγραφεῖται ἡ βελτίωσις τῆς τε ἠθικῆς καὶ ὑλικῆς θέσεως των καθ' ὅλου, ἡ ἐκπαιδευτικὴ αὐτῶν ἀλληλεγγύη.

Παρακαλεῖσθε λοιπὸν ὅπως εὐαρεστούμενοι παραστῆτε τὴν πρὸς συνέδριον πρὸς ἐπιτυχίαν τοῦ εὐσήμου σκοποῦ προσενεγκόντες ὑμετέρα ἐκλογῆς ἐκλογῆς μελετῶν ὅπως ἐπίσης παραστῆτε.

Ἐπὶ τούτοις διατελοῦμεν μετὰ πολλῆς τιμῆς καὶ ἀγάπης.

Κων)πολις 25 Ἰουλίου 1912
Ὁ Πρόεδρος
ὁ Κωνσταντίας ΙΩΑΝΝΗΣ
ὁ Γεν. Γραμματεὺς
ΦΙΛΙΠ. ΣΙΑΜΠΑΝΙΔΗΣ
ΤΟΥ ΚΟΣΜΟΥ

Σήμερον ἐκ Κων)πόλεως διὰ τοῦ ἀτμοπλοίου Καραβὰδ ὁ κάλλιστος κ. Ἀλ. Δούκας.

ΤΡΑΠΕΖΑ ΑΘΗΝΩΝ

Τὰ γραφεῖα τῆς Τραπέζης τῆς Ἀνατολῆς ἔσονται κλειστὰ τὴν προσεχῆ Δευτέραν 6ην τρέχοντος, μετὰ μεσημβρίαν.

ΤΡΑΠΕΖΑ ΤΗΣ ΑΝΑΤΟΛΗΣ

Τὰ γραφεῖα τῆς Τραπέζης Ἀθηνῶν θὰ μείνουν κλειστὰ καθ' ὅλην τὴν προσεχῆ Δευτέραν 6/19 καθ' ὅτι ἑορτάζεται ἡ ἑορτὴ τῆς Μεταμορφώσεως.

Ζ ΗΤΕΙ ΘΕΣΙΝ Ἀριστοῦχος τοῦ διδασκαλίου καὶ πολυετῆ πεῖραν, εἰς τάξεις γυμνασίου καὶ τὰς Βυζαντινῆς καὶ Εὐρωπαϊκῆς μουσικῆς, βιολιστής καὶ ψάλτης.

Πληροφορίαι παρ' ἡμῖν.

Παρακαλοῦνται οἱ κ. κ. συνδρομηταὶ νὰ καταγγέλωσι μέσως πᾶσαν τυχὸν ἀνωμαλίαν περὶ τὴν παράδοσιν τοῦ φύλλου.
